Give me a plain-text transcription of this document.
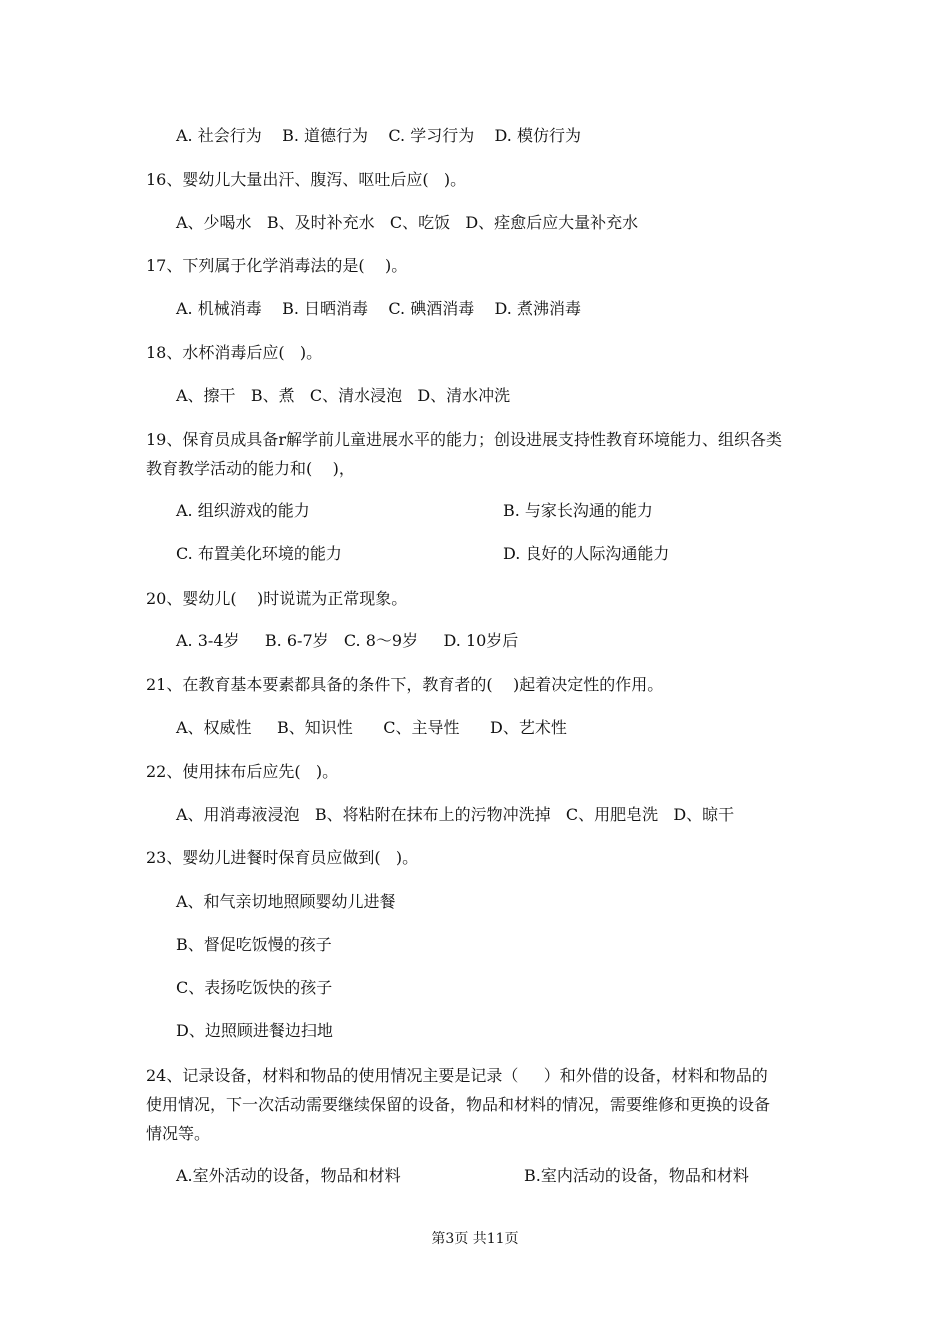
A. 社会行为    B. 道德行为    C. 学习行为    D. 模仿行为
16、婴幼儿大量出汗、腹泻、呕吐后应(   )。
A、少喝水   B、及时补充水   C、吃饭   D、痊愈后应大量补充水
17、下列属于化学消毒法的是(    )。
A. 机械消毒    B. 日晒消毒    C. 碘酒消毒    D. 煮沸消毒
18、水杯消毒后应(   )。
A、擦干   B、煮   C、清水浸泡   D、清水冲洗
19、保育员成具备r解学前儿童进展水平的能力；创设进展支持性教育环境能力、组织各类
教育教学活动的能力和(    )，
A. 组织游戏的能力	B. 与家长沟通的能力
C. 布置美化环境的能力	D. 良好的人际沟通能力
20、婴幼儿(    )时说谎为正常现象。
A. 3-4岁     B. 6-7岁   C. 8～9岁     D. 10岁后
21、在教育基本要素都具备的条件下，教育者的(    )起着决定性的作用。
A、权威性     B、知识性      C、主导性      D、艺术性
22、使用抹布后应先(   )。
A、用消毒液浸泡   B、将粘附在抹布上的污物冲洗掉   C、用肥皂洗   D、晾干
23、婴幼儿进餐时保育员应做到(   )。
A、和气亲切地照顾婴幼儿进餐
B、督促吃饭慢的孩子
C、表扬吃饭快的孩子
D、边照顾进餐边扫地
24、记录设备，材料和物品的使用情况主要是记录（     ）和外借的设备，材料和物品的
使用情况，下一次活动需要继续保留的设备，物品和材料的情况，需要维修和更换的设备
情况等。
A.室外活动的设备，物品和材料	B.室内活动的设备，物品和材料
第3页 共11页
